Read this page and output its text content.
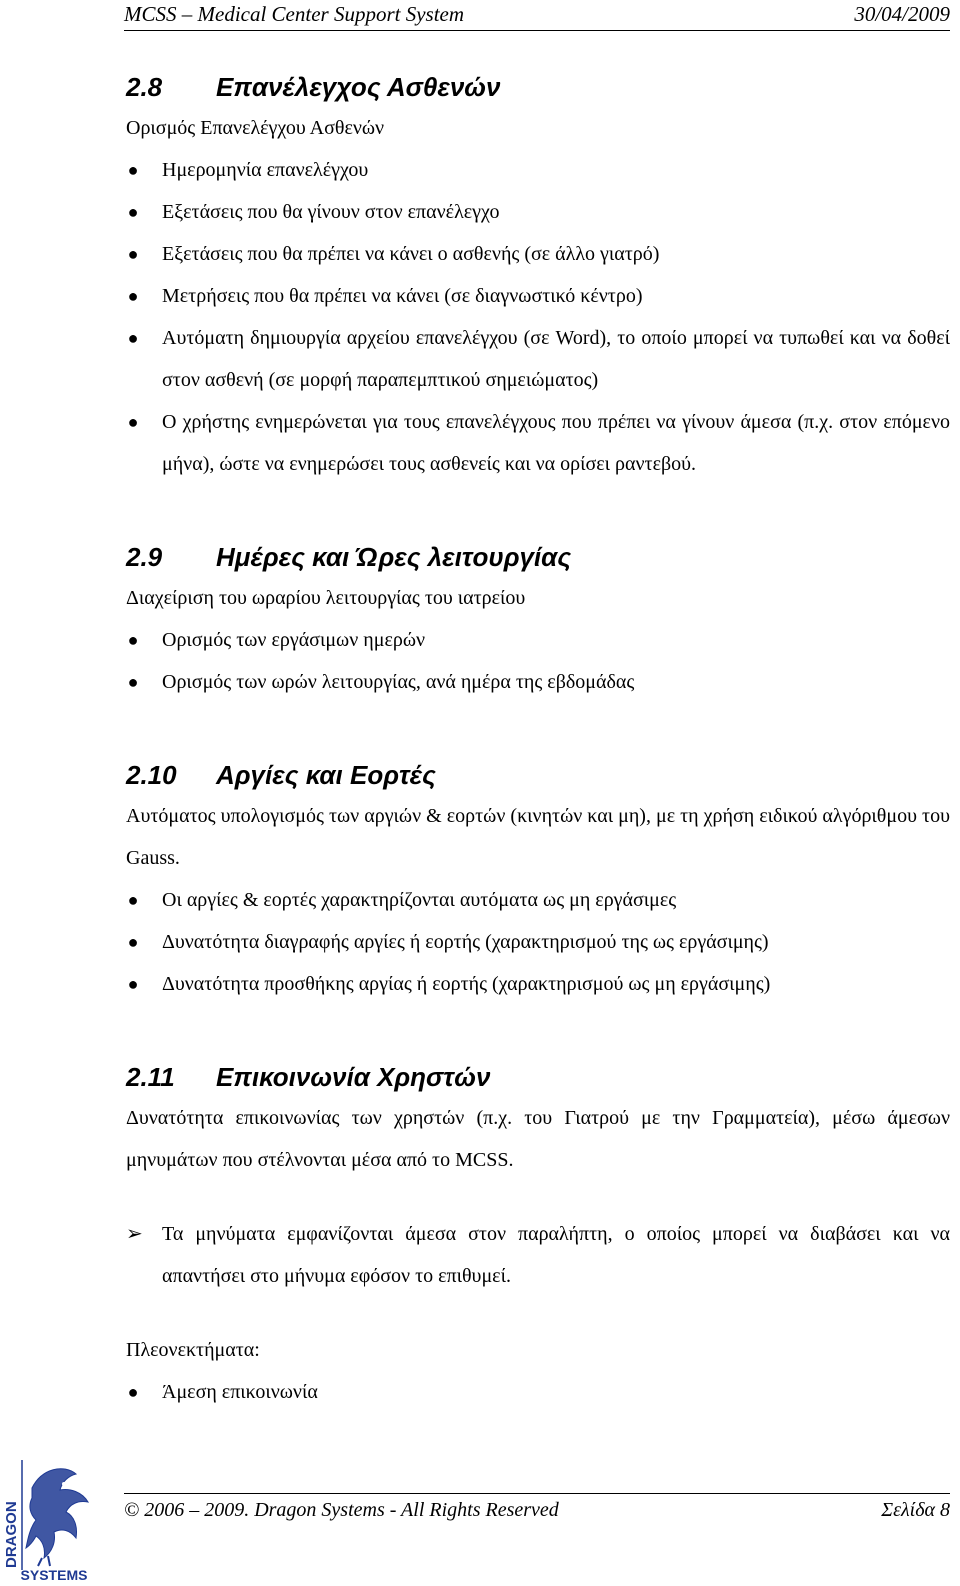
MCSS – Medical Center Support System	30/04/2009
2.8 Επανέλεγχος Ασθενών
Ορισμός Επανελέγχου Ασθενών
● Ημερομηνία επανελέγχου
● Εξετάσεις που θα γίνουν στον επανέλεγχο
● Εξετάσεις που θα πρέπει να κάνει ο ασθενής (σε άλλο γιατρό)
● Μετρήσεις που θα πρέπει να κάνει (σε διαγνωστικό κέντρο)
● Αυτόματη δημιουργία αρχείου επανελέγχου (σε Word), το οποίο μπορεί να τυπωθεί και να δοθεί στον ασθενή (σε μορφή παραπεμπτικού σημειώματος)
● Ο χρήστης ενημερώνεται για τους επανελέγχους που πρέπει να γίνουν άμεσα (π.χ. στον επόμενο μήνα), ώστε να ενημερώσει τους ασθενείς και να ορίσει ραντεβού.
2.9 Ημέρες και Ώρες λειτουργίας
Διαχείριση του ωραρίου λειτουργίας του ιατρείου
● Ορισμός των εργάσιμων ημερών
● Ορισμός των ωρών λειτουργίας, ανά ημέρα της εβδομάδας
2.10 Αργίες και Εορτές
Αυτόματος υπολογισμός των αργιών & εορτών (κινητών και μη), με τη χρήση ειδικού αλγόριθμου του Gauss.
● Οι αργίες & εορτές χαρακτηρίζονται αυτόματα ως μη εργάσιμες
● Δυνατότητα διαγραφής αργίες ή εορτής (χαρακτηρισμού της ως εργάσιμης)
● Δυνατότητα προσθήκης αργίας ή εορτής (χαρακτηρισμού ως μη εργάσιμης)
2.11 Επικοινωνία Χρηστών
Δυνατότητα επικοινωνίας των χρηστών (π.χ. του Γιατρού με την Γραμματεία), μέσω άμεσων μηνυμάτων που στέλνονται μέσα από το MCSS.
➢ Τα μηνύματα εμφανίζονται άμεσα στον παραλήπτη, ο οποίος μπορεί να διαβάσει και να απαντήσει στο μήνυμα εφόσον το επιθυμεί.
Πλεονεκτήματα:
● Άμεση επικοινωνία
DRAGON
SYSTEMS
© 2006 – 2009. Dragon Systems - All Rights Reserved	Σελίδα 8
